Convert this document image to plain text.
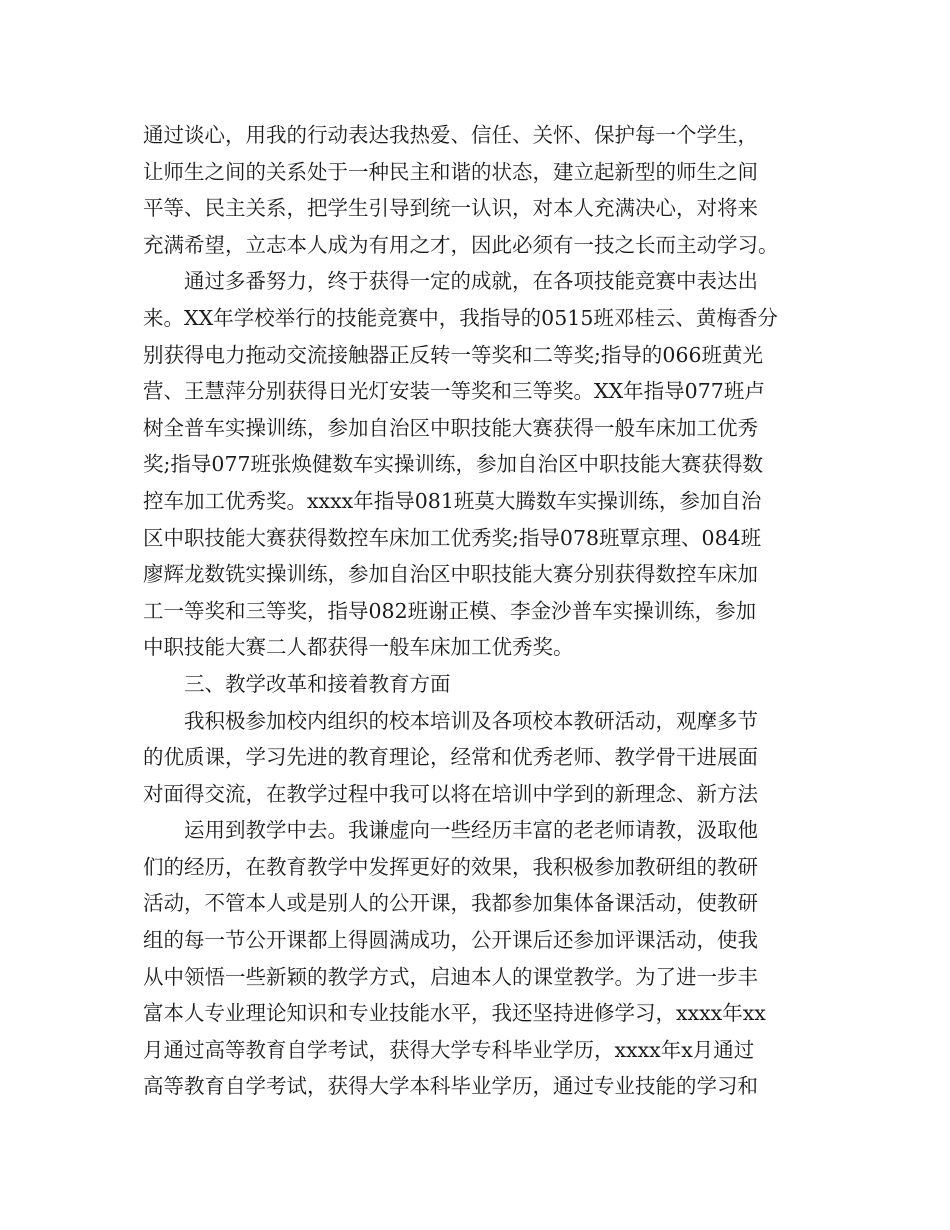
通过谈心，用我的行动表达我热爱、信任、关怀、保护每一个学生，
让师生之间的关系处于一种民主和谐的状态，建立起新型的师生之间
平等、民主关系，把学生引导到统一认识，对本人充满决心，对将来
充满希望，立志本人成为有用之才，因此必须有一技之长而主动学习。
通过多番努力，终于获得一定的成就，在各项技能竞赛中表达出
来。XX年学校举行的技能竞赛中，我指导的0515班邓桂云、黄梅香分
别获得电力拖动交流接触器正反转一等奖和二等奖;指导的066班黄光
营、王慧萍分别获得日光灯安装一等奖和三等奖。XX年指导077班卢
树全普车实操训练，参加自治区中职技能大赛获得一般车床加工优秀
奖;指导077班张焕健数车实操训练，参加自治区中职技能大赛获得数
控车加工优秀奖。xxxx年指导081班莫大腾数车实操训练，参加自治
区中职技能大赛获得数控车床加工优秀奖;指导078班覃京理、084班
廖辉龙数铣实操训练，参加自治区中职技能大赛分别获得数控车床加
工一等奖和三等奖，指导082班谢正模、李金沙普车实操训练，参加
中职技能大赛二人都获得一般车床加工优秀奖。
三、教学改革和接着教育方面
我积极参加校内组织的校本培训及各项校本教研活动，观摩多节
的优质课，学习先进的教育理论，经常和优秀老师、教学骨干进展面
对面得交流，在教学过程中我可以将在培训中学到的新理念、新方法
运用到教学中去。我谦虚向一些经历丰富的老老师请教，汲取他
们的经历，在教育教学中发挥更好的效果，我积极参加教研组的教研
活动，不管本人或是别人的公开课，我都参加集体备课活动，使教研
组的每一节公开课都上得圆满成功，公开课后还参加评课活动，使我
从中领悟一些新颖的教学方式，启迪本人的课堂教学。为了进一步丰
富本人专业理论知识和专业技能水平，我还坚持进修学习，xxxx年xx
月通过高等教育自学考试，获得大学专科毕业学历，xxxx年x月通过
高等教育自学考试，获得大学本科毕业学历，通过专业技能的学习和
